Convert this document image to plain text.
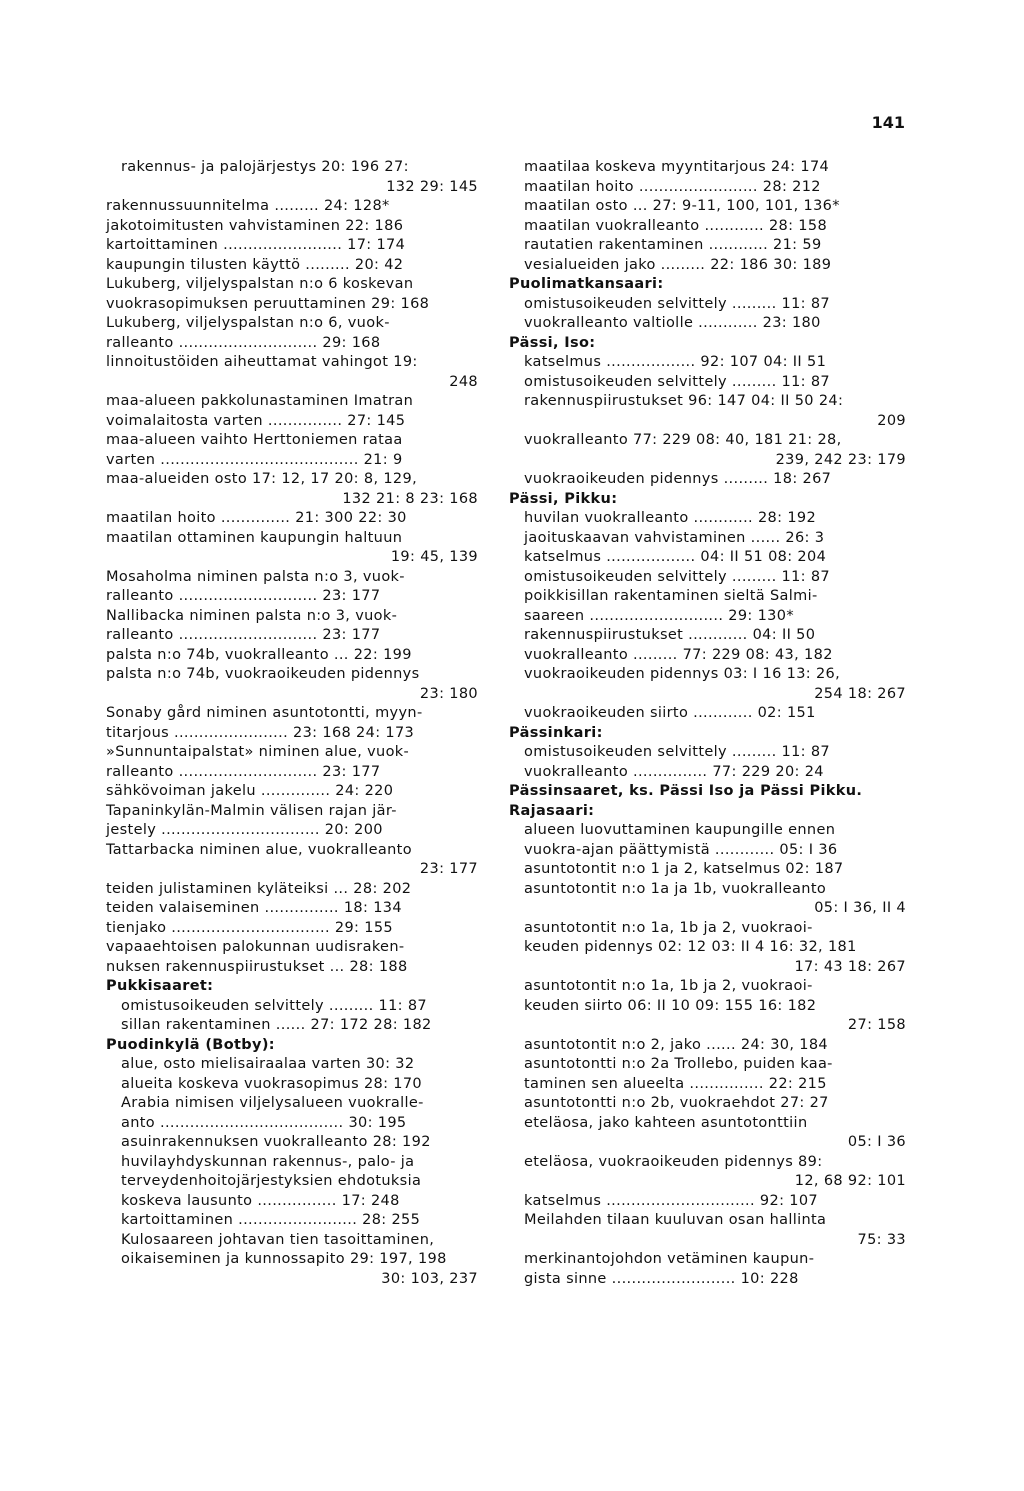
141
rakennus- ja palojärjestys 20: 196 27:
132 29: 145
rakennussuunnitelma ......... 24: 128*
jakotoimitusten vahvistaminen 22: 186
kartoittaminen ........................ 17: 174
kaupungin tilusten käyttö ......... 20: 42
Lukuberg, viljelyspalstan n:o 6 koskevan
vuokrasopimuksen peruuttaminen 29: 168
Lukuberg, viljelyspalstan n:o 6, vuok-
ralleanto ............................ 29: 168
linnoitustöiden aiheuttamat vahingot 19:
248
maa-alueen pakkolunastaminen Imatran
voimalaitosta varten ............... 27: 145
maa-alueen vaihto Herttoniemen rataa
varten ........................................ 21: 9
maa-alueiden osto 17: 12, 17 20: 8, 129,
132 21: 8 23: 168
maatilan hoito .............. 21: 300 22: 30
maatilan ottaminen kaupungin haltuun
19: 45, 139
Mosaholma niminen palsta n:o 3, vuok-
ralleanto ............................ 23: 177
Nallibacka niminen palsta n:o 3, vuok-
ralleanto ............................ 23: 177
palsta n:o 74b, vuokralleanto ... 22: 199
palsta n:o 74b, vuokraoikeuden pidennys
23: 180
Sonaby gård niminen asuntotontti, myyn-
titarjous ....................... 23: 168 24: 173
»Sunnuntaipalstat» niminen alue, vuok-
ralleanto ............................ 23: 177
sähkövoiman jakelu .............. 24: 220
Tapaninkylän-Malmin välisen rajan jär-
jestely ................................ 20: 200
Tattarbacka niminen alue, vuokralleanto
23: 177
teiden julistaminen kyläteiksi ... 28: 202
teiden valaiseminen ............... 18: 134
tienjako ................................ 29: 155
vapaaehtoisen palokunnan uudisraken-
nuksen rakennuspiirustukset ... 28: 188
Pukkisaaret:
omistusoikeuden selvittely ......... 11: 87
sillan rakentaminen ...... 27: 172 28: 182
Puodinkylä (Botby):
alue, osto mielisairaalaa varten 30: 32
alueita koskeva vuokrasopimus 28: 170
Arabia nimisen viljelysalueen vuokralle-
anto ..................................... 30: 195
asuinrakennuksen vuokralleanto 28: 192
huvilayhdyskunnan rakennus-, palo- ja
terveydenhoitojärjestyksien ehdotuksia
koskeva lausunto ................ 17: 248
kartoittaminen ........................ 28: 255
Kulosaareen johtavan tien tasoittaminen,
oikaiseminen ja kunnossapito 29: 197, 198
30: 103, 237
maatilaa koskeva myyntitarjous 24: 174
maatilan hoito ........................ 28: 212
maatilan osto ... 27: 9-11, 100, 101, 136*
maatilan vuokralleanto ............ 28: 158
rautatien rakentaminen ............ 21: 59
vesialueiden jako ......... 22: 186 30: 189
Puolimatkansaari:
omistusoikeuden selvittely ......... 11: 87
vuokralleanto valtiolle ............ 23: 180
Pässi, Iso:
katselmus .................. 92: 107 04: II 51
omistusoikeuden selvittely ......... 11: 87
rakennuspiirustukset 96: 147 04: II 50 24:
209
vuokralleanto 77: 229 08: 40, 181 21: 28,
239, 242 23: 179
vuokraoikeuden pidennys ......... 18: 267
Pässi, Pikku:
huvilan vuokralleanto ............ 28: 192
jaoituskaavan vahvistaminen ...... 26: 3
katselmus .................. 04: II 51 08: 204
omistusoikeuden selvittely ......... 11: 87
poikkisillan rakentaminen sieltä Salmi-
saareen ........................... 29: 130*
rakennuspiirustukset ............ 04: II 50
vuokralleanto ......... 77: 229 08: 43, 182
vuokraoikeuden pidennys 03: I 16 13: 26,
254 18: 267
vuokraoikeuden siirto ............ 02: 151
Pässinkari:
omistusoikeuden selvittely ......... 11: 87
vuokralleanto ............... 77: 229 20: 24
Pässinsaaret, ks. Pässi Iso ja Pässi Pikku.
Rajasaari:
alueen luovuttaminen kaupungille ennen
vuokra-ajan päättymistä ............ 05: I 36
asuntotontit n:o 1 ja 2, katselmus 02: 187
asuntotontit n:o 1a ja 1b, vuokralleanto
05: I 36, II 4
asuntotontit n:o 1a, 1b ja 2, vuokraoi-
keuden pidennys 02: 12 03: II 4 16: 32, 181
17: 43 18: 267
asuntotontit n:o 1a, 1b ja 2, vuokraoi-
keuden siirto 06: II 10 09: 155 16: 182
27: 158
asuntotontit n:o 2, jako ...... 24: 30, 184
asuntotontti n:o 2a Trollebo, puiden kaa-
taminen sen alueelta ............... 22: 215
asuntotontti n:o 2b, vuokraehdot 27: 27
eteläosa, jako kahteen asuntotonttiin
05: I 36
eteläosa, vuokraoikeuden pidennys 89:
12, 68 92: 101
katselmus .............................. 92: 107
Meilahden tilaan kuuluvan osan hallinta
75: 33
merkinantojohdon vetäminen kaupun-
gista sinne ......................... 10: 228
